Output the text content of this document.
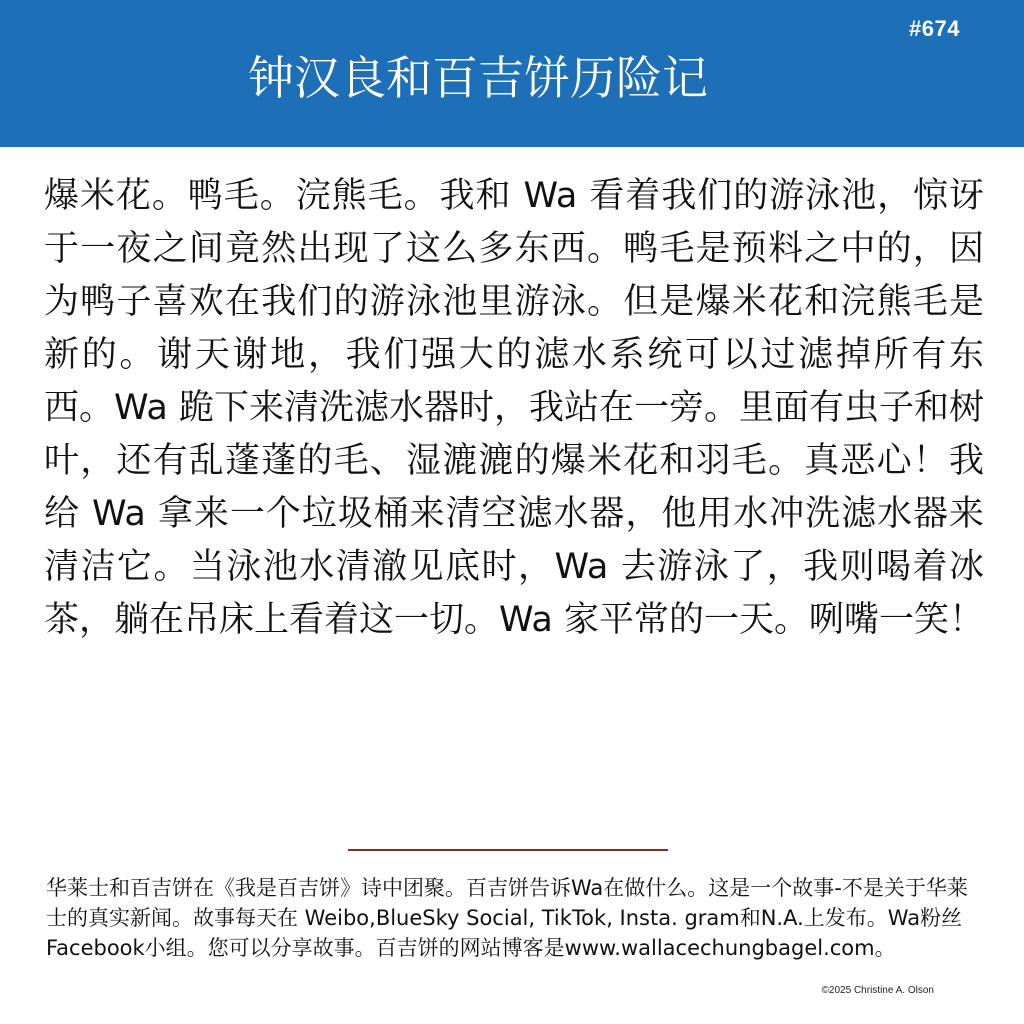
#674
钟汉良和百吉饼历险记

爆米花。鸭毛。浣熊毛。我和 Wa 看着我们的游泳池，惊讶于一夜之间竟然出现了这么多东西。鸭毛是预料之中的，因为鸭子喜欢在我们的游泳池里游泳。但是爆米花和浣熊毛是新的。谢天谢地，我们强大的滤水系统可以过滤掉所有东西。Wa 跪下来清洗滤水器时，我站在一旁。里面有虫子和树叶，还有乱蓬蓬的毛、湿漉漉的爆米花和羽毛。真恶心！我给 Wa 拿来一个垃圾桶来清空滤水器，他用水冲洗滤水器来清洁它。当泳池水清澈见底时，Wa 去游泳了，我则喝着冰茶，躺在吊床上看着这一切。Wa 家平常的一天。咧嘴一笑！

华莱士和百吉饼在《我是百吉饼》诗中团聚。百吉饼告诉Wa在做什么。这是一个故事-不是关于华莱士的真实新闻。故事每天在 Weibo,BlueSky Social, TikTok, Insta. gram和N.A.上发布。Wa粉丝Facebook小组。您可以分享故事。百吉饼的网站博客是www.wallacechungbagel.com。

©2025 Christine A. Olson
